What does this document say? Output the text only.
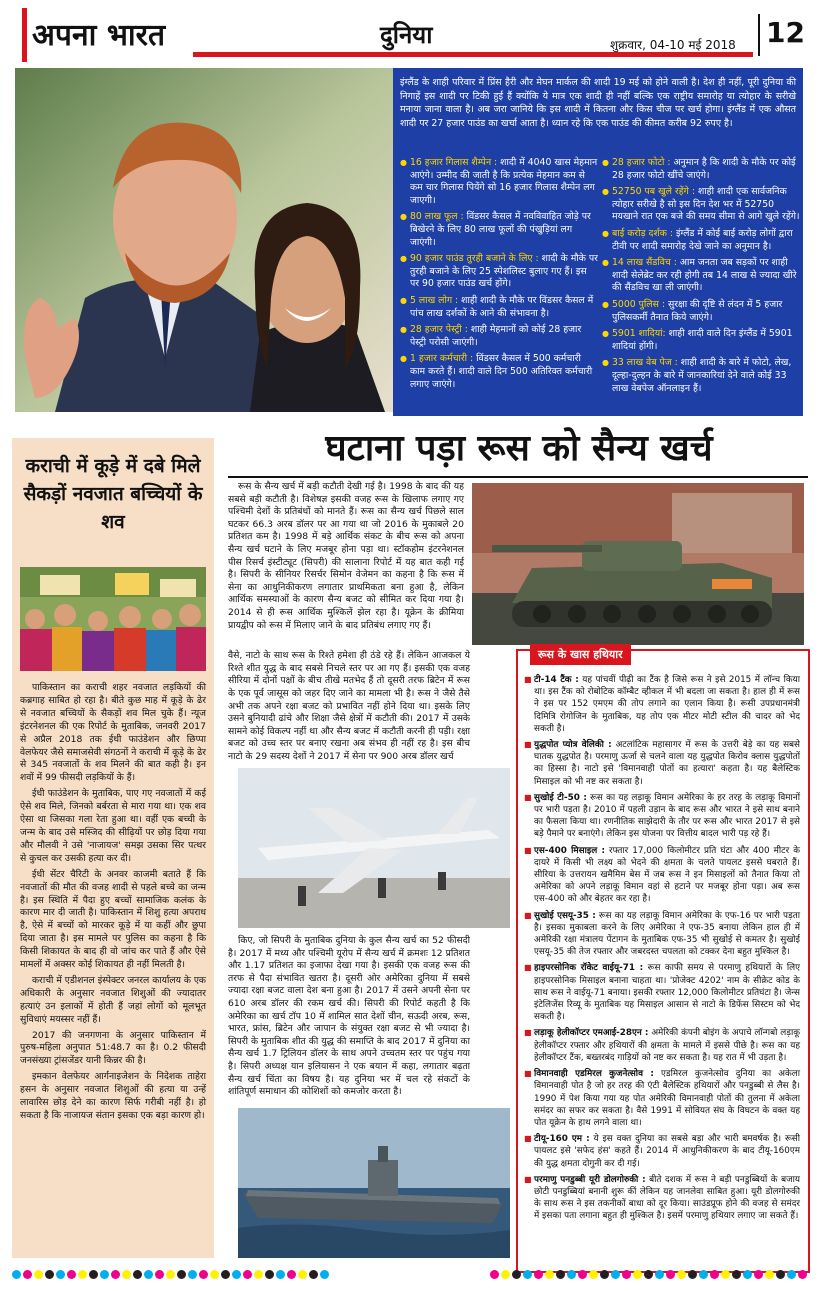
अपना भारत	दुनिया	शुक्रवार, 04-10 मई 2018 12
इंग्लैंड के शाही परिवार में प्रिंस हैरी और मेघन मार्कल की शादी 19 मई को होने वाली है। देश ही नहीं, पूरी दुनिया की निगाहें इस शादी पर टिकी हुई हैं क्योंकि ये मात्र एक शादी ही नहीं बल्कि एक राष्ट्रीय समारोह या त्योहार के सरीखे मनाया जाना वाला है। अब जरा जानिये कि इस शादी में कितना और किस चीज पर खर्च होगा। इंग्लैंड में एक औसत शादी पर 27 हजार पाउंड का खर्चा आता है। ध्यान रहे कि एक पाउंड की कीमत करीब 92 रुपए है।
● 16 हजार गिलास शैम्पेन : शादी में 4040 खास मेहमान आएंगे। उम्मीद की जाती है कि प्रत्येक मेहमान कम से कम चार गिलास पियेंगे सो 16 हजार गिलास शैम्पेन लग जाएगी।
● 80 लाख फूल : विंडसर कैसल में नवविवाहित जोड़े पर बिखेरने के लिए 80 लाख फूलों की पंखुड़ियां लग जाएंगी।
● 90 हजार पाउंड तुरही बजाने के लिए : शादी के मौके पर तुरही बजाने के लिए 25 स्पेशलिस्ट बुलाए गए हैं। इस पर 90 हजार पाउंड खर्च होंगे।
● 5 लाख लोग : शाही शादी के मौके पर विंडसर कैसल में पांच लाख दर्शकों के आने की संभावना है।
● 28 हजार पेस्ट्री : शाही मेहमानों को कोई 28 हजार पेस्ट्री परोसी जाएंगी।
● 1 हजार कर्मचारी : विंडसर कैसल में 500 कर्मचारी काम करते हैं। शादी वाले दिन 500 अतिरिक्त कर्मचारी लगाए जाएंगे।
● 28 हजार फोटो : अनुमान है कि शादी के मौके पर कोई 28 हजार फोटो खींचे जाएंगे।
● 52750 पब खुले रहेंगे : शाही शादी एक सार्वजनिक त्योहार सरीखे है सो इस दिन देश भर में 52750 मयखाने रात एक बजे की समय सीमा से आगे खुले रहेंगे।
● बाई करोड़ दर्शक : इंग्लैंड में कोई बाई करोड़ लोगों द्वारा टीवी पर शादी समारोह देखे जाने का अनुमान है।
● 14 लाख सैंडविच : आम जनता जब सड़कों पर शाही शादी सेलेब्रेट कर रही होगी तब 14 लाख से ज्यादा खीरे की सैंडविच खा ली जाएंगी।
● 5000 पुलिस : सुरक्षा की दृष्टि से लंदन में 5 हजार पुलिसकर्मी तैनात किये जाएंगे।
● 5901 शादियां: शाही शादी वाले दिन इंग्लैंड में 5901 शादियां होंगी।
● 33 लाख वेब पेज : शाही शादी के बारे में फोटो, लेख, दूल्हा-दुल्हन के बारे में जानकारियां देने वाले कोई 33 लाख वेबपेज ऑनलाइन हैं।
कराची में कूड़े में दबे मिले सैकड़ों नवजात बच्चियों के शव

पाकिस्तान का कराची शहर नवजात लड़कियों की कब्रगाह साबित हो रहा है। बीते कुछ माह में कूड़े के ढेर से नवजात बच्चियों के सैकड़ों शव मिल चुके हैं। न्यूज इंटरनेशनल की एक रिपोर्ट के मुताबिक, जनवरी 2017 से अप्रैल 2018 तक ईधी फाउंडेशन और छिप्पा वेलफेयर जैसे समाजसेवी संगठनों ने कराची में कूड़े के ढेर से 345 नवजातों के शव मिलने की बात कही है। इन शवों में 99 फीसदी लड़कियों के हैं।

ईधी फाउंडेशन के मुताबिक, पाए गए नवजातों में कई ऐसे शव मिले, जिनको बर्बरता से मारा गया था। एक शव ऐसा था जिसका गला रेता हुआ था। वहीं एक बच्ची के जन्म के बाद उसे मस्जिद की सीढ़ियों पर छोड़ दिया गया और मौलवी ने उसे 'नाजायज' समझ उसका सिर पत्थर से कुचल कर उसकी हत्या कर दी।

ईधी सेंटर चैरिटी के अनवर काजमी बताते हैं कि नवजातों की मौत की वजह शादी से पहले बच्चे का जन्म है। इस स्थिति में पैदा हुए बच्चों सामाजिक कलंक के कारण मार दी जाती है। पाकिस्तान में शिशु हत्या अपराध है, ऐसे में बच्चों को मारकर कूड़े में या कहीं और छुपा दिया जाता है। इस मामले पर पुलिस का कहना है कि किसी शिकायत के बाद ही वो जांच कर पाते हैं और ऐसे मामलों में अक्सर कोई शिकायत ही नहीं मिलती है।

कराची में एडीशनल इंस्पेक्टर जनरल कार्यालय के एक अधिकारी के अनुसार नवजात शिशुओं की ज्यादातर हत्याएं उन इलाकों में होती हैं जहां लोगों को मूलभूत सुविधाएं मयस्सर नहीं हैं।

2017 की जनगणना के अनुसार पाकिस्तान में पुरुष-महिला अनुपात 51:48.7 का है। 0.2 फीसदी जनसंख्या ट्रांसजेंडर यानी किन्नर की है।

इमकान वेलफेयर आर्गनाइजेशन के निदेशक ताहेरा हसन के अनुसार नवजात शिशुओं की हत्या या उन्हें लावारिस छोड़ देने का कारण सिर्फ गरीबी नहीं है। हो सकता है कि नाजायज संतान इसका एक बड़ा कारण हो।

घटाना पड़ा रूस को सैन्य खर्च

रूस के सैन्य खर्च में बड़ी कटौती देखी गई है। 1998 के बाद की यह सबसे बड़ी कटौती है। विशेषज्ञ इसकी वजह रूस के खिलाफ लगाए गए पश्चिमी देशों के प्रतिबंधों को मानते हैं। रूस का सैन्य खर्च पिछले साल घटकर 66.3 अरब डॉलर पर आ गया था जो 2016 के मुकाबले 20 प्रतिशत कम है। 1998 में बड़े आर्थिक संकट के बीच रूस को अपना सैन्य खर्च घटाने के लिए मजबूर होना पड़ा था। स्टॉकहोम इंटरनेशनल पीस रिसर्च इंस्टीट्यूट (सिपरी) की सालाना रिपोर्ट में यह बात कही गई है। सिपरी के सीनियर रिसर्चर सिमोन वेजेमन का कहना है कि रूस में सेना का आधुनिकीकरण लगातार प्राथमिकता बना हुआ है, लेकिन आर्थिक समस्याओं के कारण सैन्य बजट को सीमित कर दिया गया है। 2014 से ही रूस आर्थिक मुश्किलें झेल रहा है। यूक्रेन के क्रीमिया प्रायद्वीप को रूस में मिलाए जाने के बाद प्रतिबंध लगाए गए हैं।

वैसे, नाटो के साथ रूस के रिश्ते हमेशा ही ठंडे रहे हैं। लेकिन आजकल ये रिश्ते शीत युद्ध के बाद सबसे निचले स्तर पर आ गए हैं। इसकी एक वजह सीरिया में दोनों पक्षों के बीच तीखे मतभेद हैं तो दूसरी तरफ ब्रिटेन में रूस के एक पूर्व जासूस को जहर दिए जाने का मामला भी है। रूस ने जैसे तैसे अभी तक अपने रक्षा बजट को प्रभावित नहीं होने दिया था। इसके लिए उसने बुनियादी ढांचे और शिक्षा जैसे क्षेत्रों में कटौती की। 2017 में उसके सामने कोई विकल्प नहीं था और सैन्य बजट में कटौती करनी ही पड़ी। रक्षा बजट को उच्च स्तर पर बनाए रखना अब संभव ही नहीं रह है। इस बीच नाटो के 29 सदस्य देशों ने 2017 में सेना पर 900 अरब डॉलर खर्च

किए, जो सिपरी के मुताबिक दुनिया के कुल सैन्य खर्च का 52 फीसदी है। 2017 में मध्य और पश्चिमी यूरोप में सैन्य खर्च में क्रमशः 12 प्रतिशत और 1.17 प्रतिशत का इजाफा देखा गया है। इसकी एक वजह रूस की तरफ से पैदा संभावित खतरा है। दूसरी ओर अमेरिका दुनिया में सबसे ज्यादा रक्षा बजट वाला देश बना हुआ है। 2017 में उसने अपनी सेना पर 610 अरब डॉलर की रकम खर्च की। सिपरी की रिपोर्ट कहती है कि अमेरिका का खर्च टॉप 10 में शामिल सात देशों चीन, सऊदी अरब, रूस, भारत, फ्रांस, ब्रिटेन और जापान के संयुक्त रक्षा बजट से भी ज्यादा है। सिपरी के मुताबिक शीत की युद्ध की समाप्ति के बाद 2017 में दुनिया का सैन्य खर्च 1.7 ट्रिलियन डॉलर के साथ अपने उच्चतम स्तर पर पहुंच गया है। सिपरी अध्यक्ष यान इलियासन ने एक बयान में कहा, लगातार बढ़ता सैन्य खर्च चिंता का विषय है। यह दुनिया भर में चल रहे संकटों के शांतिपूर्ण समाधान की कोशिशों को कमजोर करता है।

रूस के खास हथियार
■ टी-14 टैंक : यह पांचवीं पीढ़ी का टैंक है जिसे रूस ने इसे 2015 में लॉन्च किया था। इस टैंक को रोबोटिक कॉम्बैट व्हीकल में भी बदला जा सकता है। हाल ही में रूस ने इस पर 152 एमएम की तोप लगाने का एलान किया है। रूसी उपप्रधानमंत्री दिमित्रि रोगोजिन के मुताबिक, यह तोप एक मीटर मोटी स्टील की चादर को भेद सकती है।
■ युद्धपोत प्योत्र वेलिकी : अटलांटिक महासागर में रूस के उत्तरी बेड़े का यह सबसे घातक युद्धपोत है। परमाणु ऊर्जा से चलने वाला यह युद्धपोत किरोव क्लास युद्धपोतों का हिस्सा है। नाटो इसे 'विमानवाही पोतों का हत्यारा' कहता है। यह बैलेस्टिक मिसाइल को भी नष्ट कर सकता है।
■ सुखोई टी-50 : रूस का यह लड़ाकू विमान अमेरिका के हर तरह के लड़ाकू विमानों पर भारी पड़ता है। 2010 में पहली उड़ान के बाद रूस और भारत ने इसे साथ बनाने का फैसला किया था। रणनीतिक साझेदारी के तौर पर रूस और भारत 2017 से इसे बड़े पैमाने पर बनाएंगे। लेकिन इस योजना पर वित्तीय बादल भारी पड़ रहे हैं।
■ एस-400 मिसाइल : रफ्तार 17,000 किलोमीटर प्रति घंटा और 400 मीटर के दायरे में किसी भी लक्ष्य को भेदने की क्षमता के चलते पायलट इससे घबराते हैं। सीरिया के उत्तरायन खमैमिम बेस में जब रूस ने इन मिसाइलों को तैनात किया तो अमेरिका को अपने लड़ाकू विमान वहां से हटाने पर मजबूर होना पड़ा। अब रूस एस-400 को और बेहतर कर रहा है।
■ सुखोई एसयू-35 : रूस का यह लड़ाकू विमान अमेरिका के एफ-16 पर भारी पड़ता है। इसका मुकाबला करने के लिए अमेरिका ने एफ-35 बनाया लेकिन हाल ही में अमेरिकी रक्षा मंत्रालय पेंटागन के मुताबिक एफ-35 भी सुखोई से कमतर है। सुखोई एसयू-35 की तेज रफ्तार और जबरदस्त चपलता को टक्कर देना बहुत मुश्किल है।
■ हाइपरसोनिक रॉकेट वाईयू-71 : रूस काफी समय से परमाणु हथियारों के लिए हाइपरसोनिक मिसाइल बनाना चाहता था। 'प्रोजेक्ट 4202' नाम के सीक्रेट कोड के साथ रूस ने वाईयू-71 बनाया। इसकी रफ्तार 12,000 किलोमीटर प्रतिघंटा है। जेन्स इंटेलिजेंस रिव्यू के मुताबिक यह मिसाइल आसान से नाटो के डिफेंस सिस्टम को भेद सकती है।
■ लड़ाकू हेलीकॉप्टर एमआई-28एन : अमेरिकी कंपनी बोइंग के अपाचे लॉन्गबो लड़ाकू हेलीकॉप्टर रफ्तार और हथियारों की क्षमता के मामले में इससे पीछे है। रूस का यह हेलीकॉप्टर टैंक, बख्तरबंद गाड़ियों को नष्ट कर सकता है। यह रात में भी उड़ता है।
■ विमानवाही एडमिरल कुजनेत्सोव : एडमिरल कुजनेत्सोव दुनिया का अकेला विमानवाही पोत है जो हर तरह की एंटी बैलेस्टिक हथियारों और पनडुब्बी से लैस है। 1990 में पेश किया गया यह पोत अमेरिकी विमानवाही पोतों की तुलना में अकेला समंदर का सफर कर सकता है। वैसे 1991 में सोवियत संघ के विघटन के वक्त यह पोत यूक्रेन के हाथ लगने वाला था।
■ टीयू-160 एम : ये इस वक्त दुनिया का सबसे बड़ा और भारी बमवर्षक है। रूसी पायलट इसे 'सफेद हंस' कहते हैं। 2014 में आधुनिकीकरण के बाद टीयू-160एम की युद्ध क्षमता दोगुनी कर दी गई।
■ परमाणु पनडुब्बी यूरी डोलगोरुकी : बीते दशक में रूस ने बड़ी पनडुब्बियों के बजाय छोटी पनडुब्बियां बनानी शुरू कीं लेकिन यह जानलेवा साबित हुआ। यूरी डोलगोरुकी के साथ रूस ने इस तकनीकों बाधा को दूर किया। साउंडप्रूफ होने की वजह से समंदर में इसका पता लगाना बहुत ही मुश्किल है। इसमें परमाणु हथियार लगाए जा सकते हैं।
